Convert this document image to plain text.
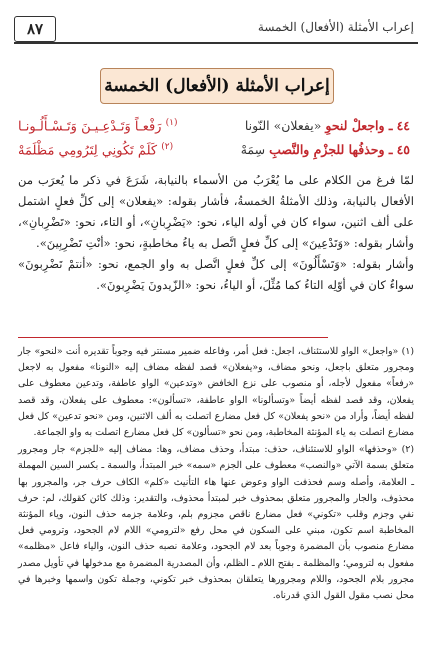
إعراب الأمثلة (الأفعال) الخمسة
٨٧
إعراب الأمثلة (الأفعال) الخمسة
٤٤ ـ واجعلْ لنحوِ «يفعلان» النّونا
$^{(١)}$ رَفْعـاً وَتَـدْعِـيـنَ وَتَـسْـأَلُـونـا
٤٥ ـ وحذفُها للجزْمِ والنَّصبِ سِمَهْ
$^{(٢)}$ كَلَمْ تَكُونِي لِتَرُومِي مَظْلَمَهْ

لمّا فرغ من الكلام على ما يُعْرَبُ من الأسماء بالنيابة، شَرَعَ في ذكر ما يُعرَب من الأفعال بالنيابة، وذلك الأمثلةُ الخمسةُ، فأشار بقوله: «يفعلان» إلى كلِّ فعلٍ اشتمل على ألف اثنين، سواء كان في أوله الياء، نحو: «يَضْرِبانِ»، أو التاء، نحو: «تَضْرِبانِ»، وأشار بقوله: «وَتَدْعِينَ» إلى كلِّ فعلٍ اتَّصل به ياءُ مخاطبةٍ، نحو: «أنْتِ تَضْرِبِينَ».

وأشار بقوله: «وَتَسْأَلُونَ» إلى كلِّ فعلٍ اتَّصل به واو الجمع، نحو: «أنتمْ تَضْرِبونَ» سواءٌ كان في أوّلِه التاءُ كما مُثِّلَ، أو الياءُ، نحو: «الزّيدونَ يَضْرِبونَ».

(١) «واجعل» الواو للاستئناف، اجعل: فعل أمر، وفاعله ضمير مستتر فيه وجوباً تقديره أنت «لنحو» جار ومجرور متعلق باجعل، ونحو مضاف، و«يفعلان» قصد لفظه مضاف إليه «النونا» مفعول به لاجعل «رفعاً» مفعول لأجله، أو منصوب على نزع الخافض «وتدعين» الواو عاطفة، وتدعين معطوف على يفعلان، وقد قصد لفظه أيضاً «وتسألونا» الواو عاطفة، «تسألون»: معطوف على يفعلان، وقد قصد لفظه أيضاً، وأراد من «نحو يفعلان» كل فعل مضارع اتصلت به ألف الاثنين، ومن «نحو تدعين» كل فعل مضارع اتصلت به ياء المؤنثة المخاطبة، ومن نحو «تسألون» كل فعل مضارع اتصلت به واو الجماعة.

(٢) «وحذفها» الواو للاستئناف، حذف: مبتدأ، وحذف مضاف، وها: مضاف إليه «للجزم» جار ومجرور متعلق بسمة الآتي «والنصب» معطوف على الجزم «سمه» خبر المبتدأ، والسمة ـ بكسر السين المهملة ـ العلامة، وأصله وسم فحذفت الواو وعوض عنها هاء التأنيث «كلم» الكاف حرف جر، والمجرور بها محذوف، والجار والمجرور متعلق بمحذوف خبر لمبتدأ محذوف، والتقدير: وذلك كائن كقولك، لم: حرف نفي وجزم وقلب «تكوني» فعل مضارع ناقص مجزوم بلم، وعلامة جزمه حذف النون، وياء المؤنثة المخاطبة اسم تكون، مبني على السكون في محل رفع «لترومي» اللام لام الجحود، وترومي فعل مضارع منصوب بأن المضمرة وجوباً بعد لام الجحود، وعلامة نصبه حذف النون، والياء فاعل «مظلمه» مفعول به لترومي؛ والمظلمة ـ بفتح اللام ـ الظلم، وأن المصدرية المضمرة مع مدخولها في تأويل مصدر مجرور بلام الجحود، واللام ومجرورها يتعلقان بمحذوف خبر تكوني، وجملة تكون واسمها وخبرها في محل نصب مقول القول الذي قدرناه.
